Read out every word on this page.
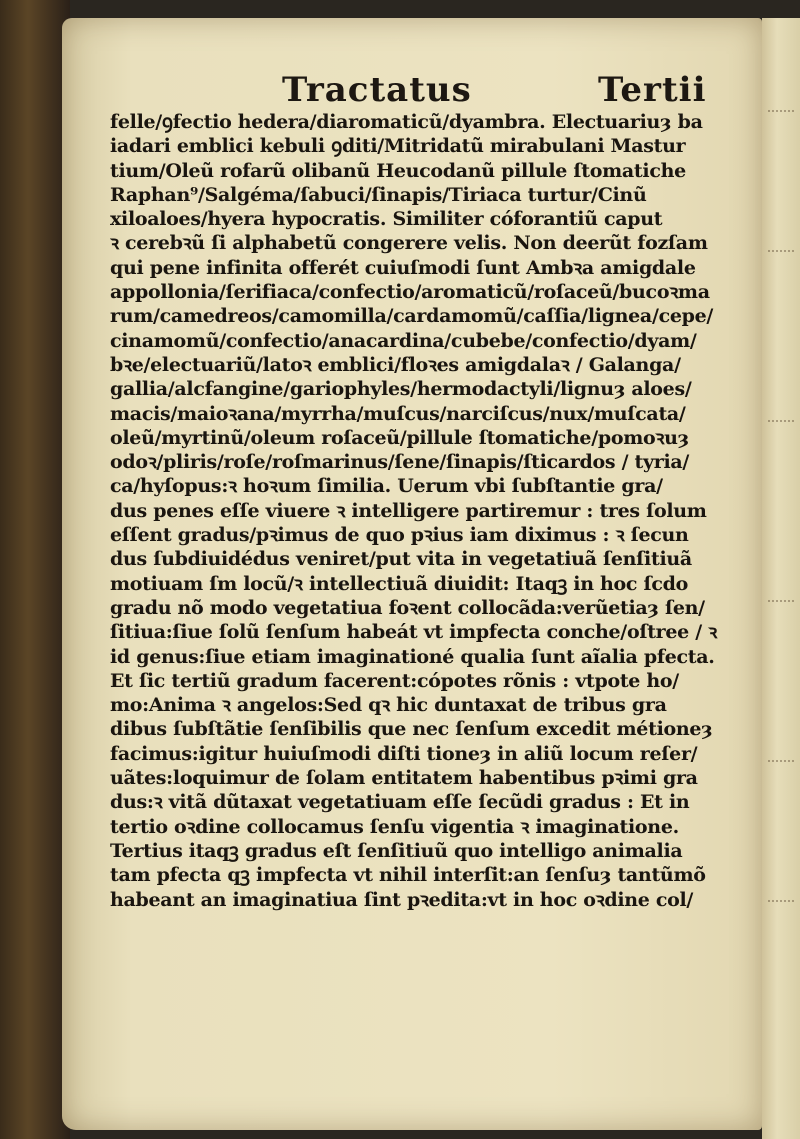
Tractatus	Tertii
felle/ꝯfectio hedera/diaromaticũ/dyambra. Electuariuȝ ba
iadari emblici kebuli ꝯditi/Mitridatũ mirabulani Mastur
tium/Oleũ rofarũ olibanũ Heucodanũ pillule ſtomatiche
Raphan⁹/Salgéma/ſabuci/ſinapis/Tiriaca turtur/Cinũ
xiloaloes/hyera hypocratis. Similiter cóforantiũ caput
ꝛ cerebꝛũ ſi alphabetũ congerere velis. Non deerũt fozſam
qui pene infinita offerét cuiuſmodi ſunt Ambꝛa amigdale
appollonia/ſerifiaca/confectio/aromaticũ/roſaceũ/bucoꝛma
rum/camedreos/camomilla/cardamomũ/caſſia/lignea/cepe/
cinamomũ/confectio/anacardina/cubebe/confectio/dyam/
bꝛe/electuariũ/latoꝛ emblici/floꝛes amigdalaꝛ / Galanga/
gallia/alcfangine/gariophyles/hermodactyli/lignuȝ aloes/
macis/maioꝛana/myrrha/muſcus/narciſcus/nux/muſcata/
oleũ/myrtinũ/oleum roſaceũ/pillule ſtomatiche/pomoꝛuȝ
odoꝛ/pliris/roſe/roſmarinus/ſene/ſinapis/ſticardos / tyria/
ca/hyſopus:ꝛ hoꝛum ſimilia. Uerum vbi ſubſtantie gra/
dus penes eſſe viuere ꝛ intelligere partiremur : tres ſolum
eſſent gradus/pꝛimus de quo pꝛius iam diximus : ꝛ ſecun
dus ſubdiuidédus veniret/put vita in vegetatiuã ſenſitiuã
motiuam ſm locũ/ꝛ intellectiuã diuidit: Itaqꝫ in hoc ſcdo
gradu nõ modo vegetatiua foꝛent collocãda:verũetiaȝ ſen/
ſitiua:ſiue ſolũ ſenſum habeát vt impfecta conche/oſtree / ꝛ
id genus:ſiue etiam imaginationé qualia ſunt aĩalia pfecta.
Et ſic tertiũ gradum facerent:cópotes rõnis : vtpote ho/
mo:Anima ꝛ angelos:Sed qꝛ hic duntaxat de tribus gra
dibus ſubſtãtie ſenſibilis que nec ſenſum excedit métioneȝ
facimus:igitur huiuſmodi diſti tioneȝ in aliũ locum reſer/
uãtes:loquimur de ſolam entitatem habentibus pꝛimi gra
dus:ꝛ vitã dũtaxat vegetatiuam eſſe ſecũdi gradus : Et in
tertio oꝛdine collocamus ſenſu vigentia ꝛ imaginatione.
Tertius itaqꝫ gradus eſt ſenſitiuũ quo intelligo animalia
tam pfecta qꝫ impfecta vt nihil interſit:an ſenſuȝ tantũmõ
habeant an imaginatiua ſint pꝛedita:vt in hoc oꝛdine col/
